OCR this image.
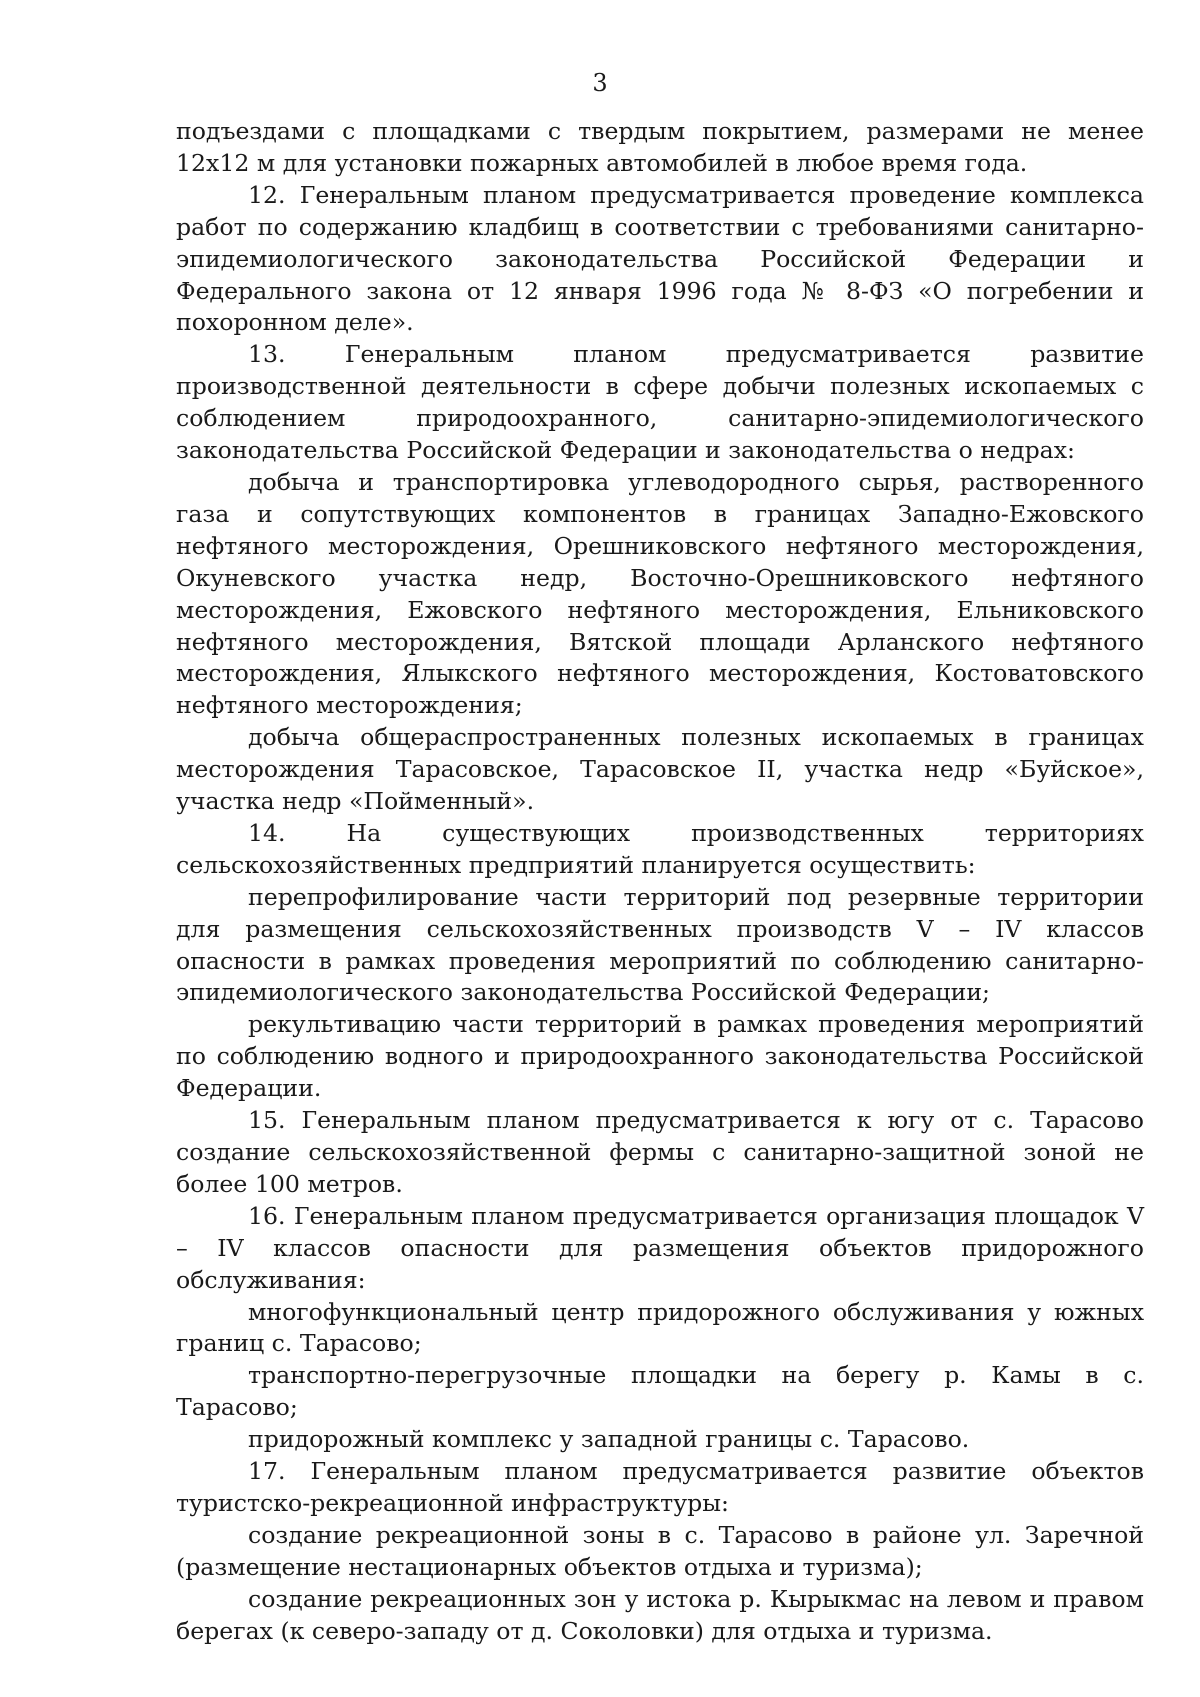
3

подъездами с площадками с твердым покрытием, размерами не менее 12х12 м для установки пожарных автомобилей в любое время года.

12. Генеральным планом предусматривается проведение комплекса работ по содержанию кладбищ в соответствии с требованиями санитарно-эпидемиологического законодательства Российской Федерации и Федерального закона от 12 января 1996 года № 8-ФЗ «О погребении и похоронном деле».

13. Генеральным планом предусматривается развитие производственной деятельности в сфере добычи полезных ископаемых с соблюдением природоохранного, санитарно-эпидемиологического законодательства Российской Федерации и законодательства о недрах:

добыча и транспортировка углеводородного сырья, растворенного газа и сопутствующих компонентов в границах Западно-Ежовского нефтяного месторождения, Орешниковского нефтяного месторождения, Окуневского участка недр, Восточно-Орешниковского нефтяного месторождения, Ежовского нефтяного месторождения, Ельниковского нефтяного месторождения, Вятской площади Арланского нефтяного месторождения, Ялыкского нефтяного месторождения, Костоватовского нефтяного месторождения;

добыча общераспространенных полезных ископаемых в границах месторождения Тарасовское, Тарасовское II, участка недр «Буйское», участка недр «Пойменный».

14. На существующих производственных территориях сельскохозяйственных предприятий планируется осуществить:

перепрофилирование части территорий под резервные территории для размещения сельскохозяйственных производств V – IV классов опасности в рамках проведения мероприятий по соблюдению санитарно-эпидемиологического законодательства Российской Федерации;

рекультивацию части территорий в рамках проведения мероприятий по соблюдению водного и природоохранного законодательства Российской Федерации.

15. Генеральным планом предусматривается к югу от с. Тарасово создание сельскохозяйственной фермы с санитарно-защитной зоной не более 100 метров.

16. Генеральным планом предусматривается организация площадок V – IV классов опасности для размещения объектов придорожного обслуживания:

многофункциональный центр придорожного обслуживания у южных границ с. Тарасово;

транспортно-перегрузочные площадки на берегу р. Камы в с. Тарасово;

придорожный комплекс у западной границы с. Тарасово.

17. Генеральным планом предусматривается развитие объектов туристско-рекреационной инфраструктуры:

создание рекреационной зоны в с. Тарасово в районе ул. Заречной (размещение нестационарных объектов отдыха и туризма);

создание рекреационных зон у истока р. Кырыкмас на левом и правом берегах (к северо-западу от д. Соколовки) для отдыха и туризма.
